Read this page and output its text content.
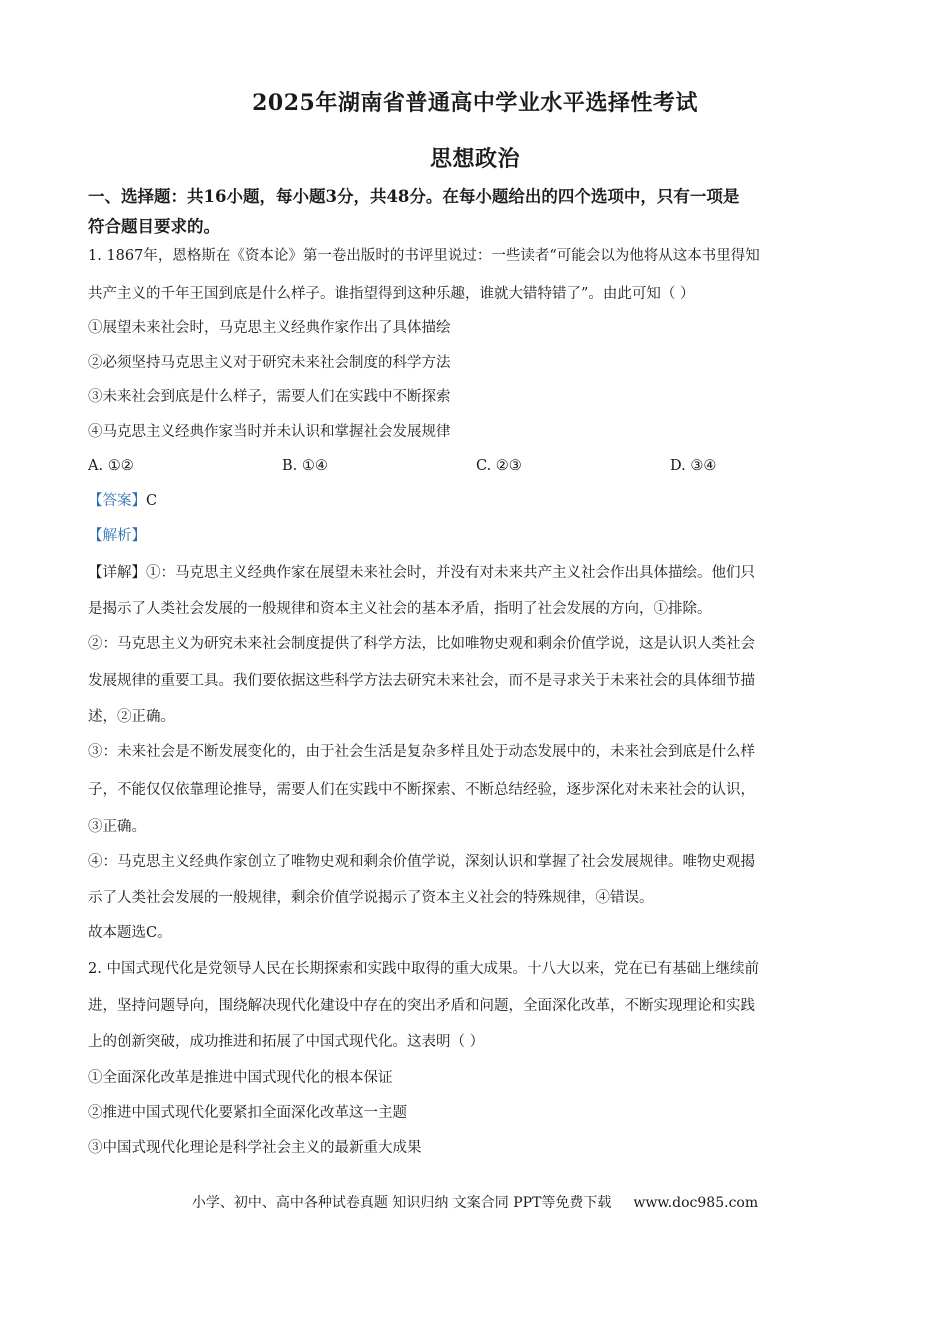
2025年湖南省普通高中学业水平选择性考试
思想政治
一、选择题：共16小题，每小题3分，共48分。在每小题给出的四个选项中，只有一项是
符合题目要求的。
1. 1867年，恩格斯在《资本论》第一卷出版时的书评里说过：一些读者“可能会以为他将从这本书里得知
共产主义的千年王国到底是什么样子。谁指望得到这种乐趣，谁就大错特错了”。由此可知（ ）
①展望未来社会时，马克思主义经典作家作出了具体描绘
②必须坚持马克思主义对于研究未来社会制度的科学方法
③未来社会到底是什么样子，需要人们在实践中不断探索
④马克思主义经典作家当时并未认识和掌握社会发展规律
A. ①②	B. ①④	C. ②③	D. ③④
【答案】C
【解析】
【详解】①：马克思主义经典作家在展望未来社会时，并没有对未来共产主义社会作出具体描绘。他们只
是揭示了人类社会发展的一般规律和资本主义社会的基本矛盾，指明了社会发展的方向，①排除。
②：马克思主义为研究未来社会制度提供了科学方法，比如唯物史观和剩余价值学说，这是认识人类社会
发展规律的重要工具。我们要依据这些科学方法去研究未来社会，而不是寻求关于未来社会的具体细节描
述，②正确。
③：未来社会是不断发展变化的，由于社会生活是复杂多样且处于动态发展中的，未来社会到底是什么样
子，不能仅仅依靠理论推导，需要人们在实践中不断探索、不断总结经验，逐步深化对未来社会的认识，
③正确。
④：马克思主义经典作家创立了唯物史观和剩余价值学说，深刻认识和掌握了社会发展规律。唯物史观揭
示了人类社会发展的一般规律，剩余价值学说揭示了资本主义社会的特殊规律，④错误。
故本题选C。
2. 中国式现代化是党领导人民在长期探索和实践中取得的重大成果。十八大以来，党在已有基础上继续前
进，坚持问题导向，围绕解决现代化建设中存在的突出矛盾和问题，全面深化改革，不断实现理论和实践
上的创新突破，成功推进和拓展了中国式现代化。这表明（ ）
①全面深化改革是推进中国式现代化的根本保证
②推进中国式现代化要紧扣全面深化改革这一主题
③中国式现代化理论是科学社会主义的最新重大成果
小学、初中、高中各种试卷真题 知识归纳 文案合同 PPT等免费下载 www.doc985.com
